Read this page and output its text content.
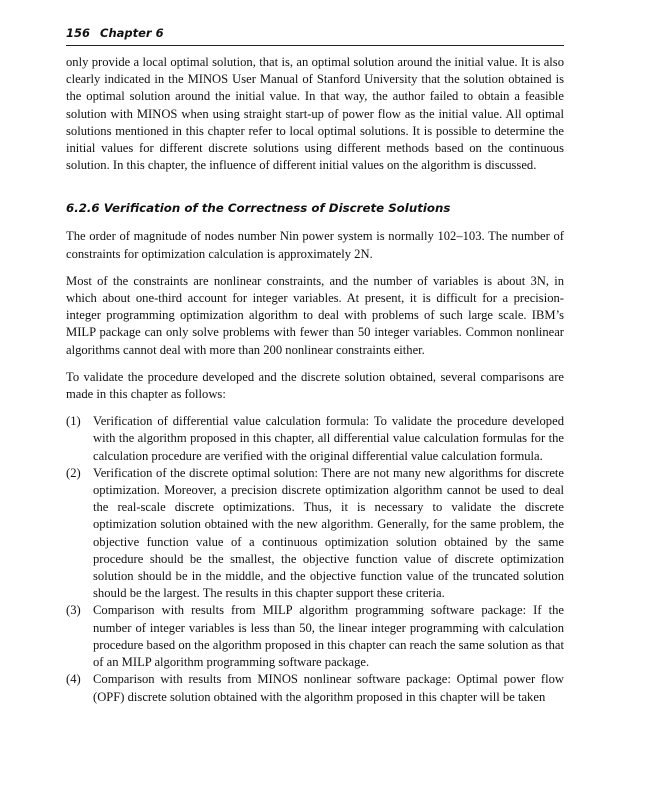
156 Chapter 6

only provide a local optimal solution, that is, an optimal solution around the initial value. It is also clearly indicated in the MINOS User Manual of Stanford University that the solution obtained is the optimal solution around the initial value. In that way, the author failed to obtain a feasible solution with MINOS when using straight start-up of power flow as the initial value. All optimal solutions mentioned in this chapter refer to local optimal solutions. It is possible to determine the initial values for different discrete solutions using different methods based on the continuous solution. In this chapter, the influence of different initial values on the algorithm is discussed.

6.2.6 Verification of the Correctness of Discrete Solutions

The order of magnitude of nodes number Nin power system is normally 102–103. The number of constraints for optimization calculation is approximately 2N.

Most of the constraints are nonlinear constraints, and the number of variables is about 3N, in which about one-third account for integer variables. At present, it is difficult for a precision-integer programming optimization algorithm to deal with problems of such large scale. IBM’s MILP package can only solve problems with fewer than 50 integer variables. Common nonlinear algorithms cannot deal with more than 200 nonlinear constraints either.

To validate the procedure developed and the discrete solution obtained, several comparisons are made in this chapter as follows:

(1) Verification of differential value calculation formula: To validate the procedure developed with the algorithm proposed in this chapter, all differential value calculation formulas for the calculation procedure are verified with the original differential value calculation formula.
(2) Verification of the discrete optimal solution: There are not many new algorithms for discrete optimization. Moreover, a precision discrete optimization algorithm cannot be used to deal the real-scale discrete optimizations. Thus, it is necessary to validate the discrete optimization solution obtained with the new algorithm. Generally, for the same problem, the objective function value of a continuous optimization solution obtained by the same procedure should be the smallest, the objective function value of discrete optimization solution should be in the middle, and the objective function value of the truncated solution should be the largest. The results in this chapter support these criteria.
(3) Comparison with results from MILP algorithm programming software package: If the number of integer variables is less than 50, the linear integer programming with calculation procedure based on the algorithm proposed in this chapter can reach the same solution as that of an MILP algorithm programming software package.
(4) Comparison with results from MINOS nonlinear software package: Optimal power flow (OPF) discrete solution obtained with the algorithm proposed in this chapter will be taken
